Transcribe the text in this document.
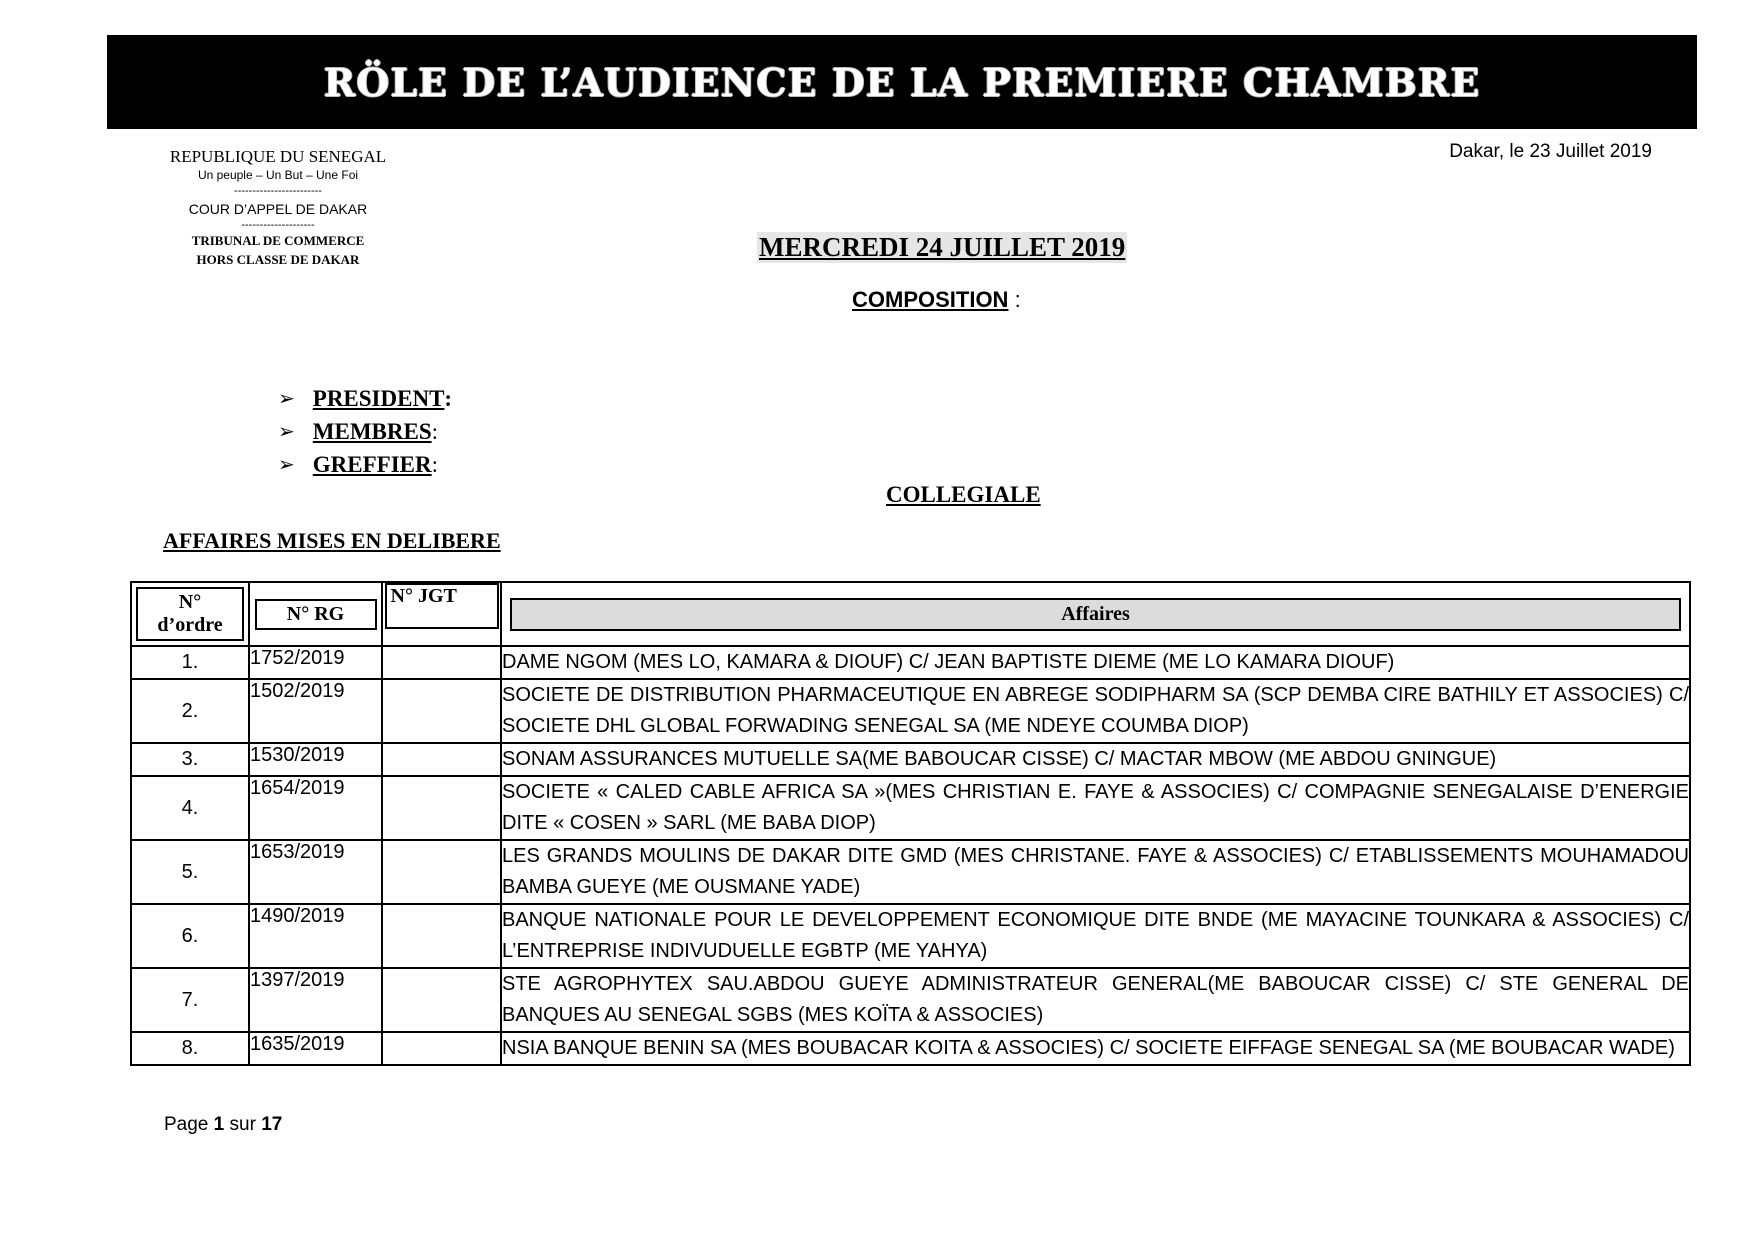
RÖLE DE L’AUDIENCE DE LA PREMIERE CHAMBRE
REPUBLIQUE DU SENEGAL
Un peuple – Un But – Une Foi
------------------------
COUR D’APPEL DE DAKAR
--------------------
TRIBUNAL DE COMMERCE
HORS CLASSE DE DAKAR
Dakar, le 23 Juillet 2019
MERCREDI 24 JUILLET 2019
COMPOSITION :
➢ PRESIDENT :
➢ MEMBRES :
➢ GREFFIER :
COLLEGIALE
AFFAIRES MISES EN DELIBERE
N°
d’ordre	N° RG	N° JGT	Affaires

1.	1752/2019		DAME NGOM (MES LO, KAMARA & DIOUF) C/ JEAN BAPTISTE DIEME (ME LO KAMARA DIOUF)
2.	1502/2019		SOCIETE DE DISTRIBUTION PHARMACEUTIQUE EN ABREGE SODIPHARM SA (SCP DEMBA CIRE BATHILY ET ASSOCIES) C/ SOCIETE DHL GLOBAL FORWADING SENEGAL SA (ME NDEYE COUMBA DIOP)
3.	1530/2019		SONAM ASSURANCES MUTUELLE SA(ME BABOUCAR CISSE) C/ MACTAR MBOW (ME ABDOU GNINGUE)
4.	1654/2019		SOCIETE « CALED CABLE AFRICA SA »(MES CHRISTIAN E. FAYE & ASSOCIES) C/ COMPAGNIE SENEGALAISE D’ENERGIE DITE « COSEN » SARL (ME BABA DIOP)
5.	1653/2019		LES GRANDS MOULINS DE DAKAR DITE GMD (MES CHRISTANE. FAYE & ASSOCIES) C/ ETABLISSEMENTS MOUHAMADOU BAMBA GUEYE (ME OUSMANE YADE)
6.	1490/2019		BANQUE NATIONALE POUR LE DEVELOPPEMENT ECONOMIQUE DITE BNDE (ME MAYACINE TOUNKARA & ASSOCIES) C/ L’ENTREPRISE INDIVUDUELLE EGBTP (ME YAHYA)
7.	1397/2019		STE AGROPHYTEX SAU.ABDOU GUEYE ADMINISTRATEUR GENERAL(ME BABOUCAR CISSE) C/ STE GENERAL DE BANQUES AU SENEGAL SGBS (MES KOÏTA & ASSOCIES)
8.	1635/2019		NSIA BANQUE BENIN SA (MES BOUBACAR KOITA & ASSOCIES) C/ SOCIETE EIFFAGE SENEGAL SA (ME BOUBACAR WADE)
Page 1 sur 17
